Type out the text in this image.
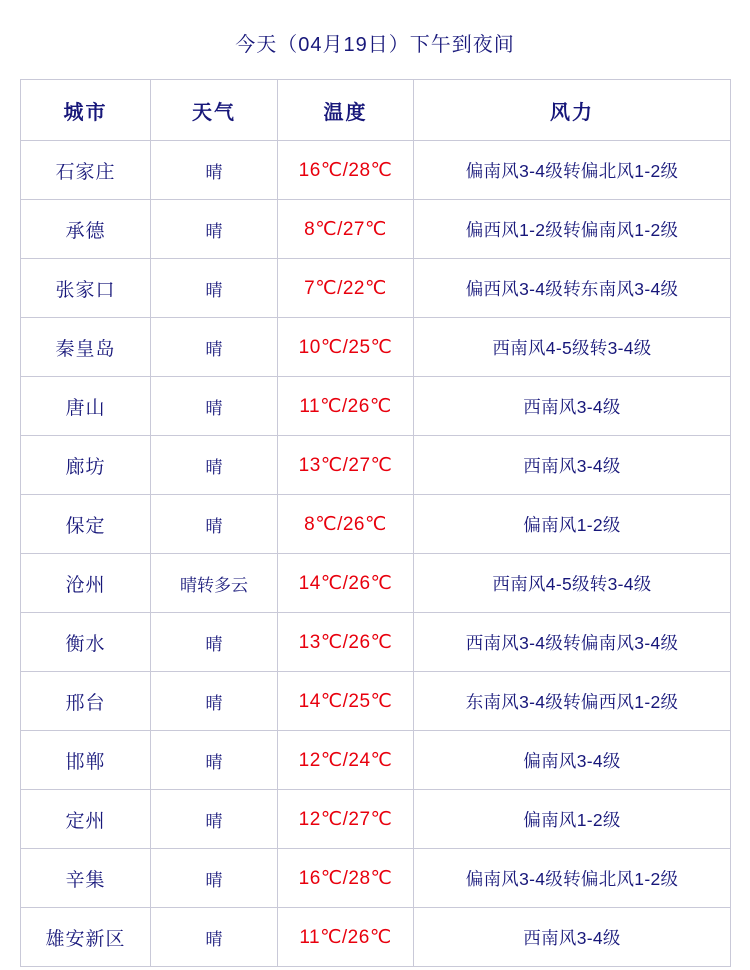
今天（04月19日）下午到夜间
城市	天气	温度	风力
石家庄	晴	16℃/28℃	偏南风3-4级转偏北风1-2级
承德	晴	8℃/27℃	偏西风1-2级转偏南风1-2级
张家口	晴	7℃/22℃	偏西风3-4级转东南风3-4级
秦皇岛	晴	10℃/25℃	西南风4-5级转3-4级
唐山	晴	11℃/26℃	西南风3-4级
廊坊	晴	13℃/27℃	西南风3-4级
保定	晴	8℃/26℃	偏南风1-2级
沧州	晴转多云	14℃/26℃	西南风4-5级转3-4级
衡水	晴	13℃/26℃	西南风3-4级转偏南风3-4级
邢台	晴	14℃/25℃	东南风3-4级转偏西风1-2级
邯郸	晴	12℃/24℃	偏南风3-4级
定州	晴	12℃/27℃	偏南风1-2级
辛集	晴	16℃/28℃	偏南风3-4级转偏北风1-2级
雄安新区	晴	11℃/26℃	西南风3-4级
